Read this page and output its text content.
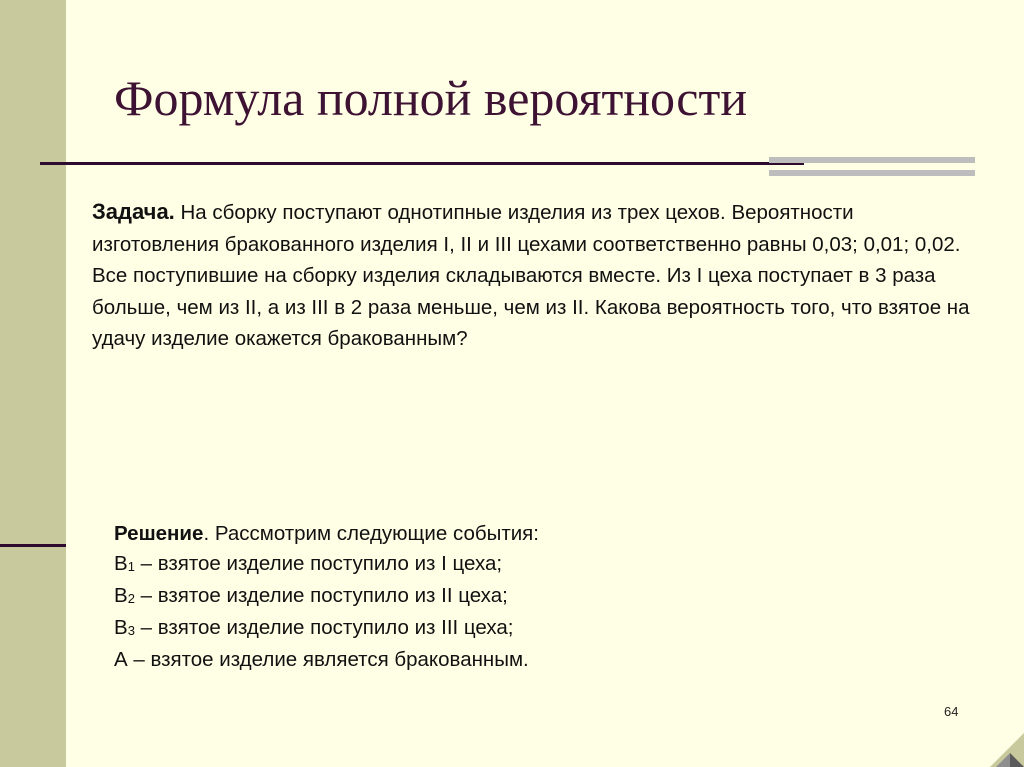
Формула полной вероятности

Задача. На сборку поступают однотипные изделия из трех цехов. Вероятности изготовления бракованного изделия I, II и III цехами соответственно равны 0,03; 0,01; 0,02. Все поступившие на сборку изделия складываются вместе. Из I цеха поступает в 3 раза больше, чем из II, а из III в 2 раза меньше, чем из II. Какова вероятность того, что взятое на удачу изделие окажется бракованным?

Решение. Рассмотрим следующие события:
$B_1$ – взятое изделие поступило из I цеха;
$B_2$ – взятое изделие поступило из II цеха;
$B_3$ – взятое изделие поступило из III цеха;
А – взятое изделие является бракованным.
64
